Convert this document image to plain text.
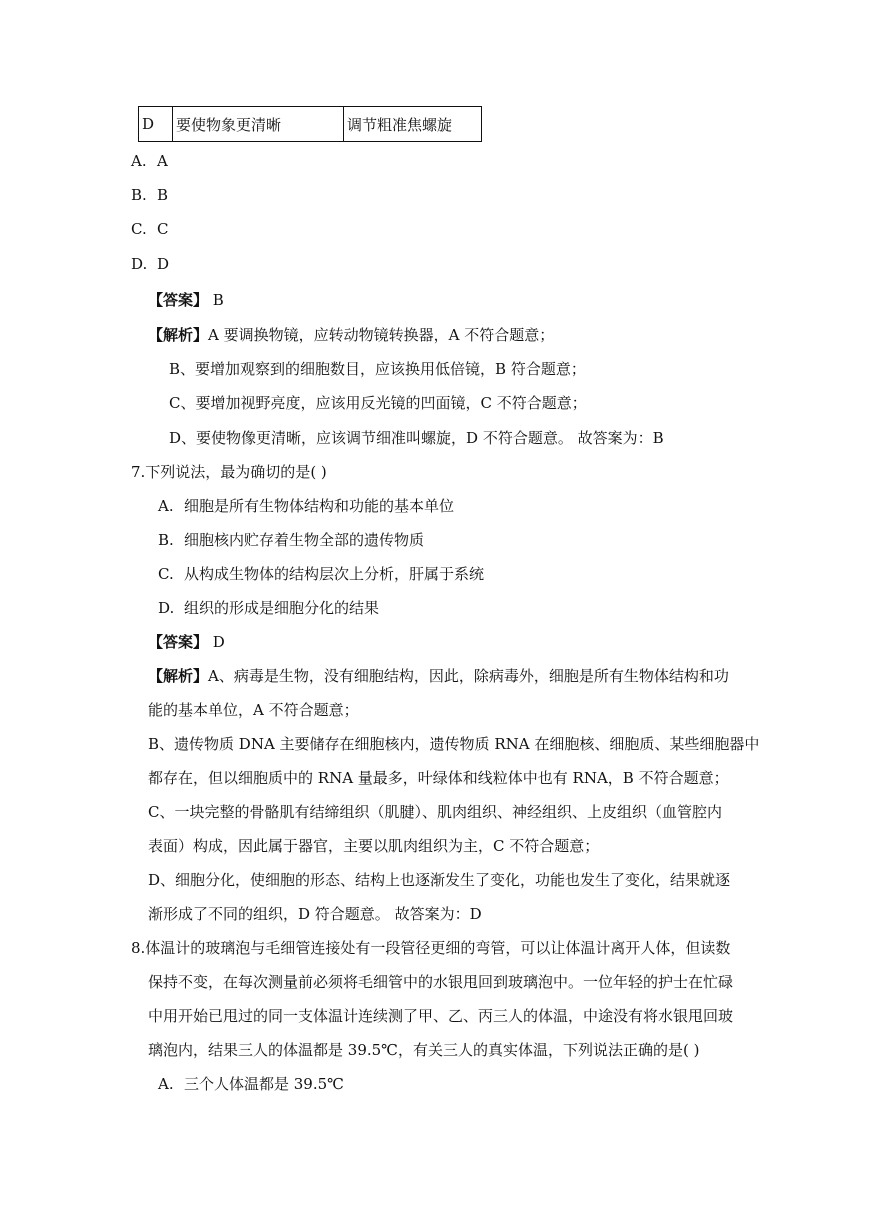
D	要使物象更清晰	调节粗准焦螺旋
A. A
B. B
C. C
D. D
【答案】 B
【解析】A 要调换物镜，应转动物镜转换器，A 不符合题意；
B、要增加观察到的细胞数目，应该换用低倍镜，B 符合题意；
C、要增加视野亮度，应该用反光镜的凹面镜，C 不符合题意；
D、要使物像更清晰，应该调节细准叫螺旋，D 不符合题意。 故答案为：B
7.下列说法，最为确切的是( )
A. 细胞是所有生物体结构和功能的基本单位
B. 细胞核内贮存着生物全部的遗传物质
C. 从构成生物体的结构层次上分析，肝属于系统
D. 组织的形成是细胞分化的结果
【答案】 D
【解析】A、病毒是生物，没有细胞结构，因此，除病毒外，细胞是所有生物体结构和功
能的基本单位，A 不符合题意；
B、遗传物质 DNA 主要储存在细胞核内，遗传物质 RNA 在细胞核、细胞质、某些细胞器中
都存在，但以细胞质中的 RNA 量最多，叶绿体和线粒体中也有 RNA，B 不符合题意；
C、一块完整的骨骼肌有结缔组织（肌腱）、肌肉组织、神经组织、上皮组织（血管腔内
表面）构成，因此属于器官，主要以肌肉组织为主，C 不符合题意；
D、细胞分化，使细胞的形态、结构上也逐渐发生了变化，功能也发生了变化，结果就逐
渐形成了不同的组织，D 符合题意。 故答案为：D
8.体温计的玻璃泡与毛细管连接处有一段管径更细的弯管，可以让体温计离开人体，但读数
保持不变，在每次测量前必须将毛细管中的水银甩回到玻璃泡中。一位年轻的护士在忙碌
中用开始已甩过的同一支体温计连续测了甲、乙、丙三人的体温，中途没有将水银甩回玻
璃泡内，结果三人的体温都是 39.5℃，有关三人的真实体温，下列说法正确的是( )
A. 三个人体温都是 39.5℃
